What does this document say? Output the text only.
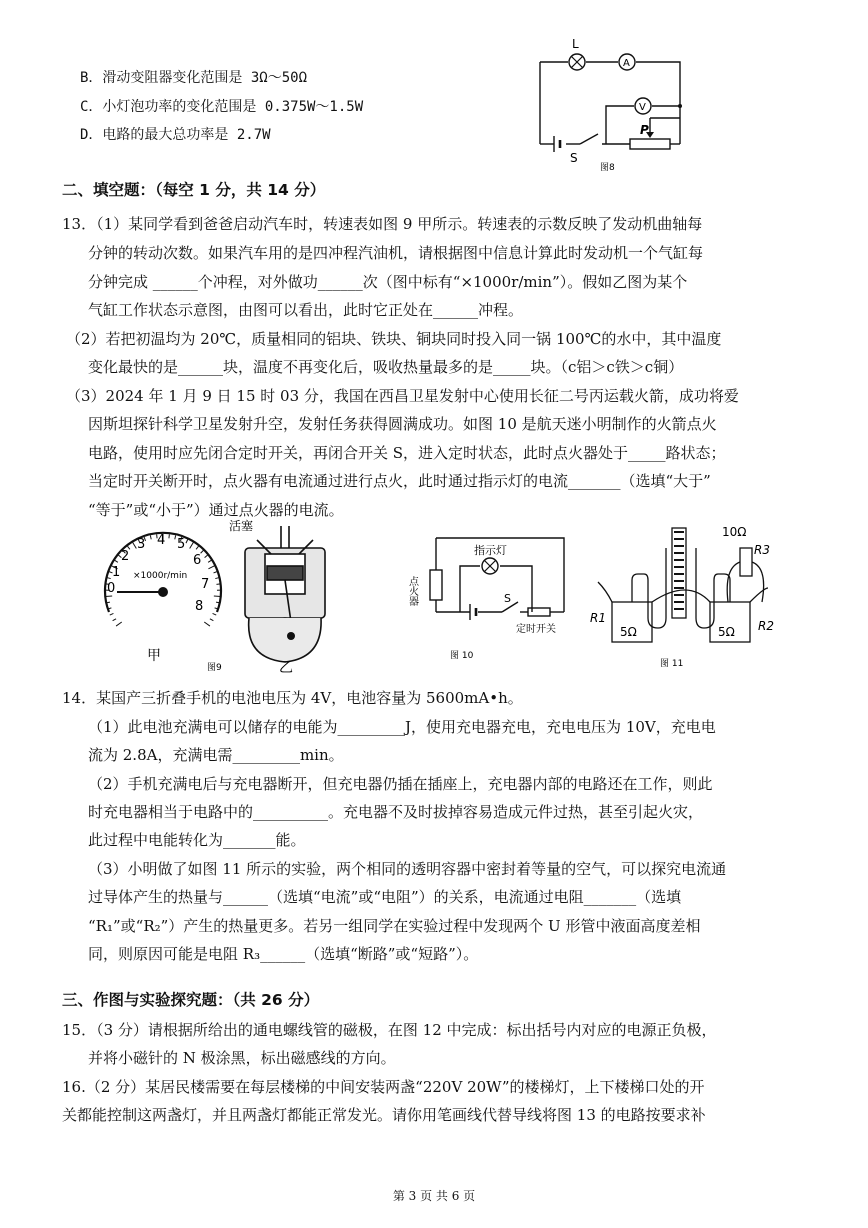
B．滑动变阻器变化范围是 3Ω～50Ω
C．小灯泡功率的变化范围是 0.375W～1.5W
D．电路的最大总功率是 2.7W
L
A
V
P
S
图8
二、填空题：（每空 1 分，共 14 分）
13．（1）某同学看到爸爸启动汽车时，转速表如图 9 甲所示。转速表的示数反映了发动机曲轴每
分钟的转动次数。如果汽车用的是四冲程汽油机，请根据图中信息计算此时发动机一个气缸每
分钟完成 ______个冲程，对外做功______次（图中标有“×1000r/min”）。假如乙图为某个
气缸工作状态示意图，由图可以看出，此时它正处在______冲程。
（2）若把初温均为 20℃，质量相同的铝块、铁块、铜块同时投入同一锅 100℃的水中，其中温度
变化最快的是______块，温度不再变化后，吸收热量最多的是_____块。（c铝＞c铁＞c铜）
（3）2024 年 1 月 9 日 15 时 03 分，我国在西昌卫星发射中心使用长征二号丙运载火箭，成功将爱
因斯坦探针科学卫星发射升空，发射任务获得圆满成功。如图 10 是航天迷小明制作的火箭点火
电路，使用时应先闭合定时开关，再闭合开关 S，进入定时状态，此时点火器处于_____路状态；
当定时开关断开时，点火器有电流通过进行点火，此时通过指示灯的电流_______（选填“大于”
“等于”或“小于”）通过点火器的电流。
0
1
2
3 4 5
6
7
8
×1000r/min
甲
图9
活塞
乙
指示灯
点火器	S
定时开关
图 10
10Ω
R3
R1
R2
5Ω	5Ω
图 11
14．某国产三折叠手机的电池电压为 4V，电池容量为 5600mA•h。
（1）此电池充满电可以储存的电能为_________J，使用充电器充电，充电电压为 10V，充电电
流为 2.8A，充满电需_________min。
（2）手机充满电后与充电器断开，但充电器仍插在插座上，充电器内部的电路还在工作，则此
时充电器相当于电路中的__________。充电器不及时拔掉容易造成元件过热，甚至引起火灾，
此过程中电能转化为_______能。
（3）小明做了如图 11 所示的实验，两个相同的透明容器中密封着等量的空气，可以探究电流通
过导体产生的热量与______（选填“电流”或“电阻”）的关系，电流通过电阻_______（选填
“R₁”或“R₂”）产生的热量更多。若另一组同学在实验过程中发现两个 U 形管中液面高度差相
同，则原因可能是电阻 R₃______（选填“断路”或“短路”）。
三、作图与实验探究题：（共 26 分）
15．（3 分）请根据所给出的通电螺线管的磁极，在图 12 中完成：标出括号内对应的电源正负极，
并将小磁针的 N 极涂黑，标出磁感线的方向。
16.（2 分）某居民楼需要在每层楼梯的中间安装两盏“220V 20W”的楼梯灯，上下楼梯口处的开
关都能控制这两盏灯，并且两盏灯都能正常发光。请你用笔画线代替导线将图 13 的电路按要求补
第 3 页 共 6 页
